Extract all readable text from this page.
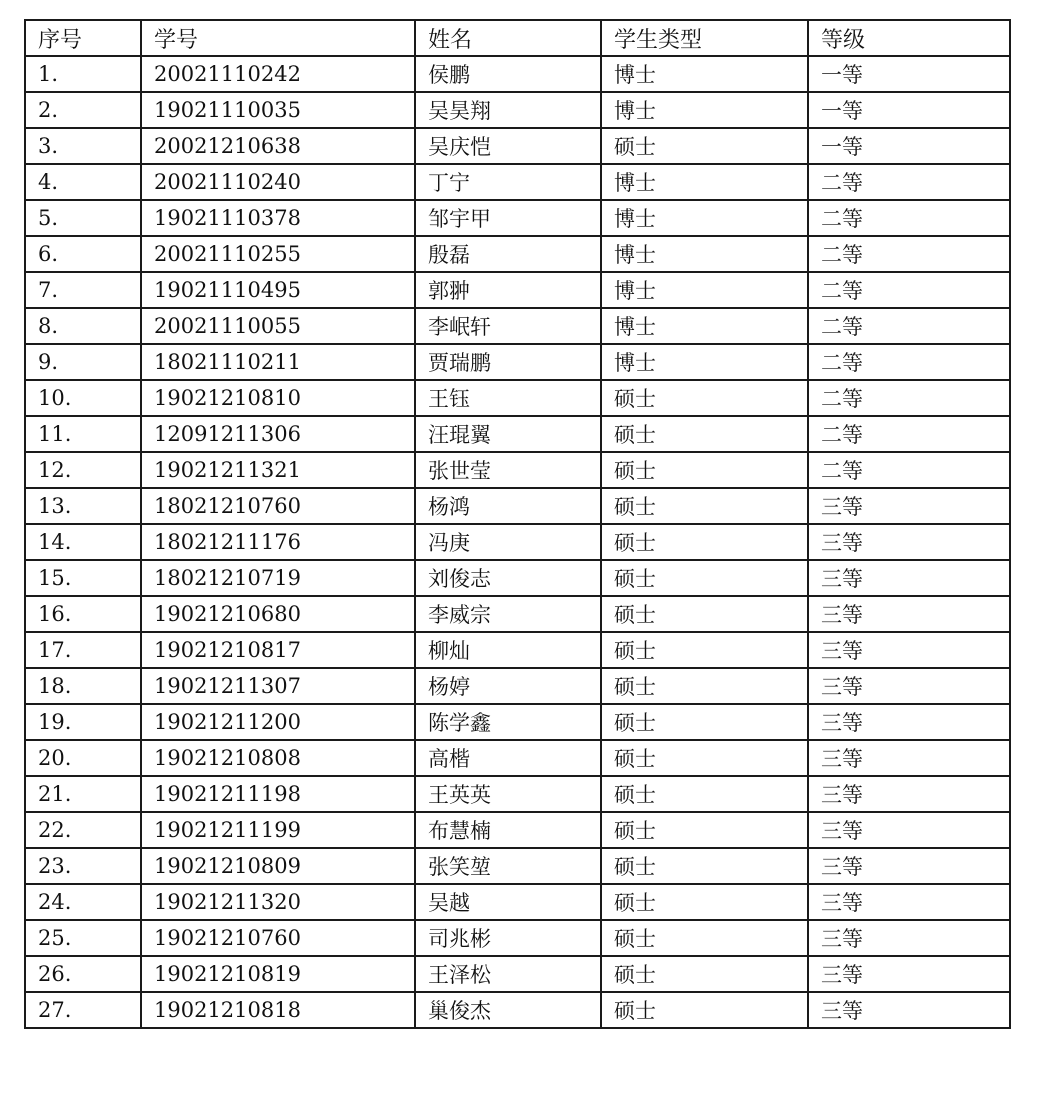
序号	学号	姓名	学生类型	等级
1.	20021110242	侯鹏	博士	一等
2.	19021110035	吴昊翔	博士	一等
3.	20021210638	吴庆恺	硕士	一等
4.	20021110240	丁宁	博士	二等
5.	19021110378	邹宇甲	博士	二等
6.	20021110255	殷磊	博士	二等
7.	19021110495	郭翀	博士	二等
8.	20021110055	李岷轩	博士	二等
9.	18021110211	贾瑞鹏	博士	二等
10.	19021210810	王钰	硕士	二等
11.	12091211306	汪琨翼	硕士	二等
12.	19021211321	张世莹	硕士	二等
13.	18021210760	杨鸿	硕士	三等
14.	18021211176	冯庚	硕士	三等
15.	18021210719	刘俊志	硕士	三等
16.	19021210680	李威宗	硕士	三等
17.	19021210817	柳灿	硕士	三等
18.	19021211307	杨婷	硕士	三等
19.	19021211200	陈学鑫	硕士	三等
20.	19021210808	高楷	硕士	三等
21.	19021211198	王英英	硕士	三等
22.	19021211199	布慧楠	硕士	三等
23.	19021210809	张笑堃	硕士	三等
24.	19021211320	吴越	硕士	三等
25.	19021210760	司兆彬	硕士	三等
26.	19021210819	王泽松	硕士	三等
27.	19021210818	巢俊杰	硕士	三等
